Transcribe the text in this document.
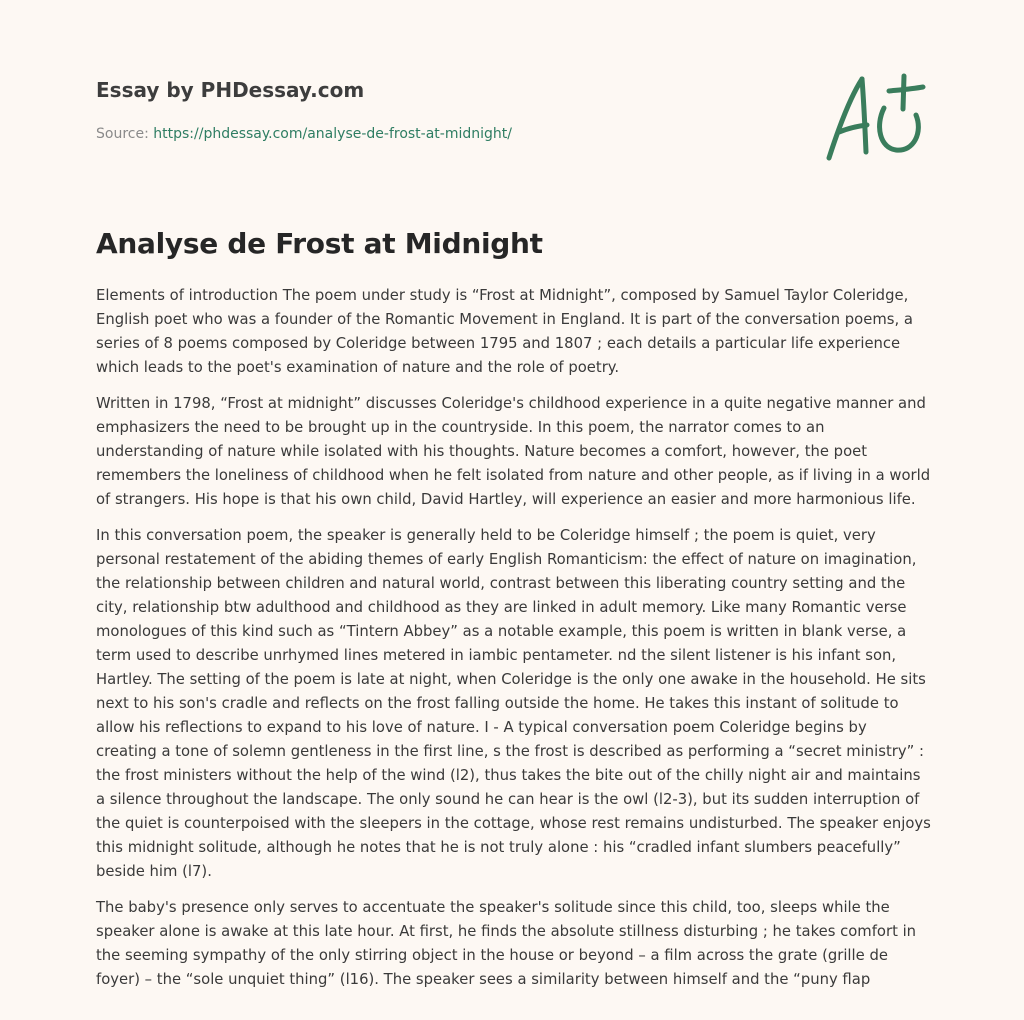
Essay by PHDessay.com
Source: https://phdessay.com/analyse-de-frost-at-midnight/
Analyse de Frost at Midnight

Elements of introduction The poem under study is “Frost at Midnight”, composed by Samuel Taylor Coleridge, English poet who was a founder of the Romantic Movement in England. It is part of the conversation poems, a series of 8 poems composed by Coleridge between 1795 and 1807 ; each details a particular life experience which leads to the poet's examination of nature and the role of poetry.

Written in 1798, “Frost at midnight” discusses Coleridge's childhood experience in a quite negative manner and emphasizers the need to be brought up in the countryside. In this poem, the narrator comes to an understanding of nature while isolated with his thoughts. Nature becomes a comfort, however, the poet remembers the loneliness of childhood when he felt isolated from nature and other people, as if living in a world of strangers. His hope is that his own child, David Hartley, will experience an easier and more harmonious life.

In this conversation poem, the speaker is generally held to be Coleridge himself ; the poem is quiet, very personal restatement of the abiding themes of early English Romanticism: the effect of nature on imagination, the relationship between children and natural world, contrast between this liberating country setting and the city, relationship btw adulthood and childhood as they are linked in adult memory. Like many Romantic verse monologues of this kind such as “Tintern Abbey” as a notable example, this poem is written in blank verse, a term used to describe unrhymed lines metered in iambic pentameter. nd the silent listener is his infant son, Hartley. The setting of the poem is late at night, when Coleridge is the only one awake in the household. He sits next to his son's cradle and reflects on the frost falling outside the home. He takes this instant of solitude to allow his reflections to expand to his love of nature. I - A typical conversation poem Coleridge begins by creating a tone of solemn gentleness in the first line, s the frost is described as performing a “secret ministry” : the frost ministers without the help of the wind (l2), thus takes the bite out of the chilly night air and maintains a silence throughout the landscape. The only sound he can hear is the owl (l2-3), but its sudden interruption of the quiet is counterpoised with the sleepers in the cottage, whose rest remains undisturbed. The speaker enjoys this midnight solitude, although he notes that he is not truly alone : his “cradled infant slumbers peacefully” beside him (l7).

The baby's presence only serves to accentuate the speaker's solitude since this child, too, sleeps while the speaker alone is awake at this late hour. At first, he finds the absolute stillness disturbing ; he takes comfort in the seeming sympathy of the only stirring object in the house or beyond – a film across the grate (grille de foyer) – the “sole unquiet thing” (l16). The speaker sees a similarity between himself and the “puny flap
